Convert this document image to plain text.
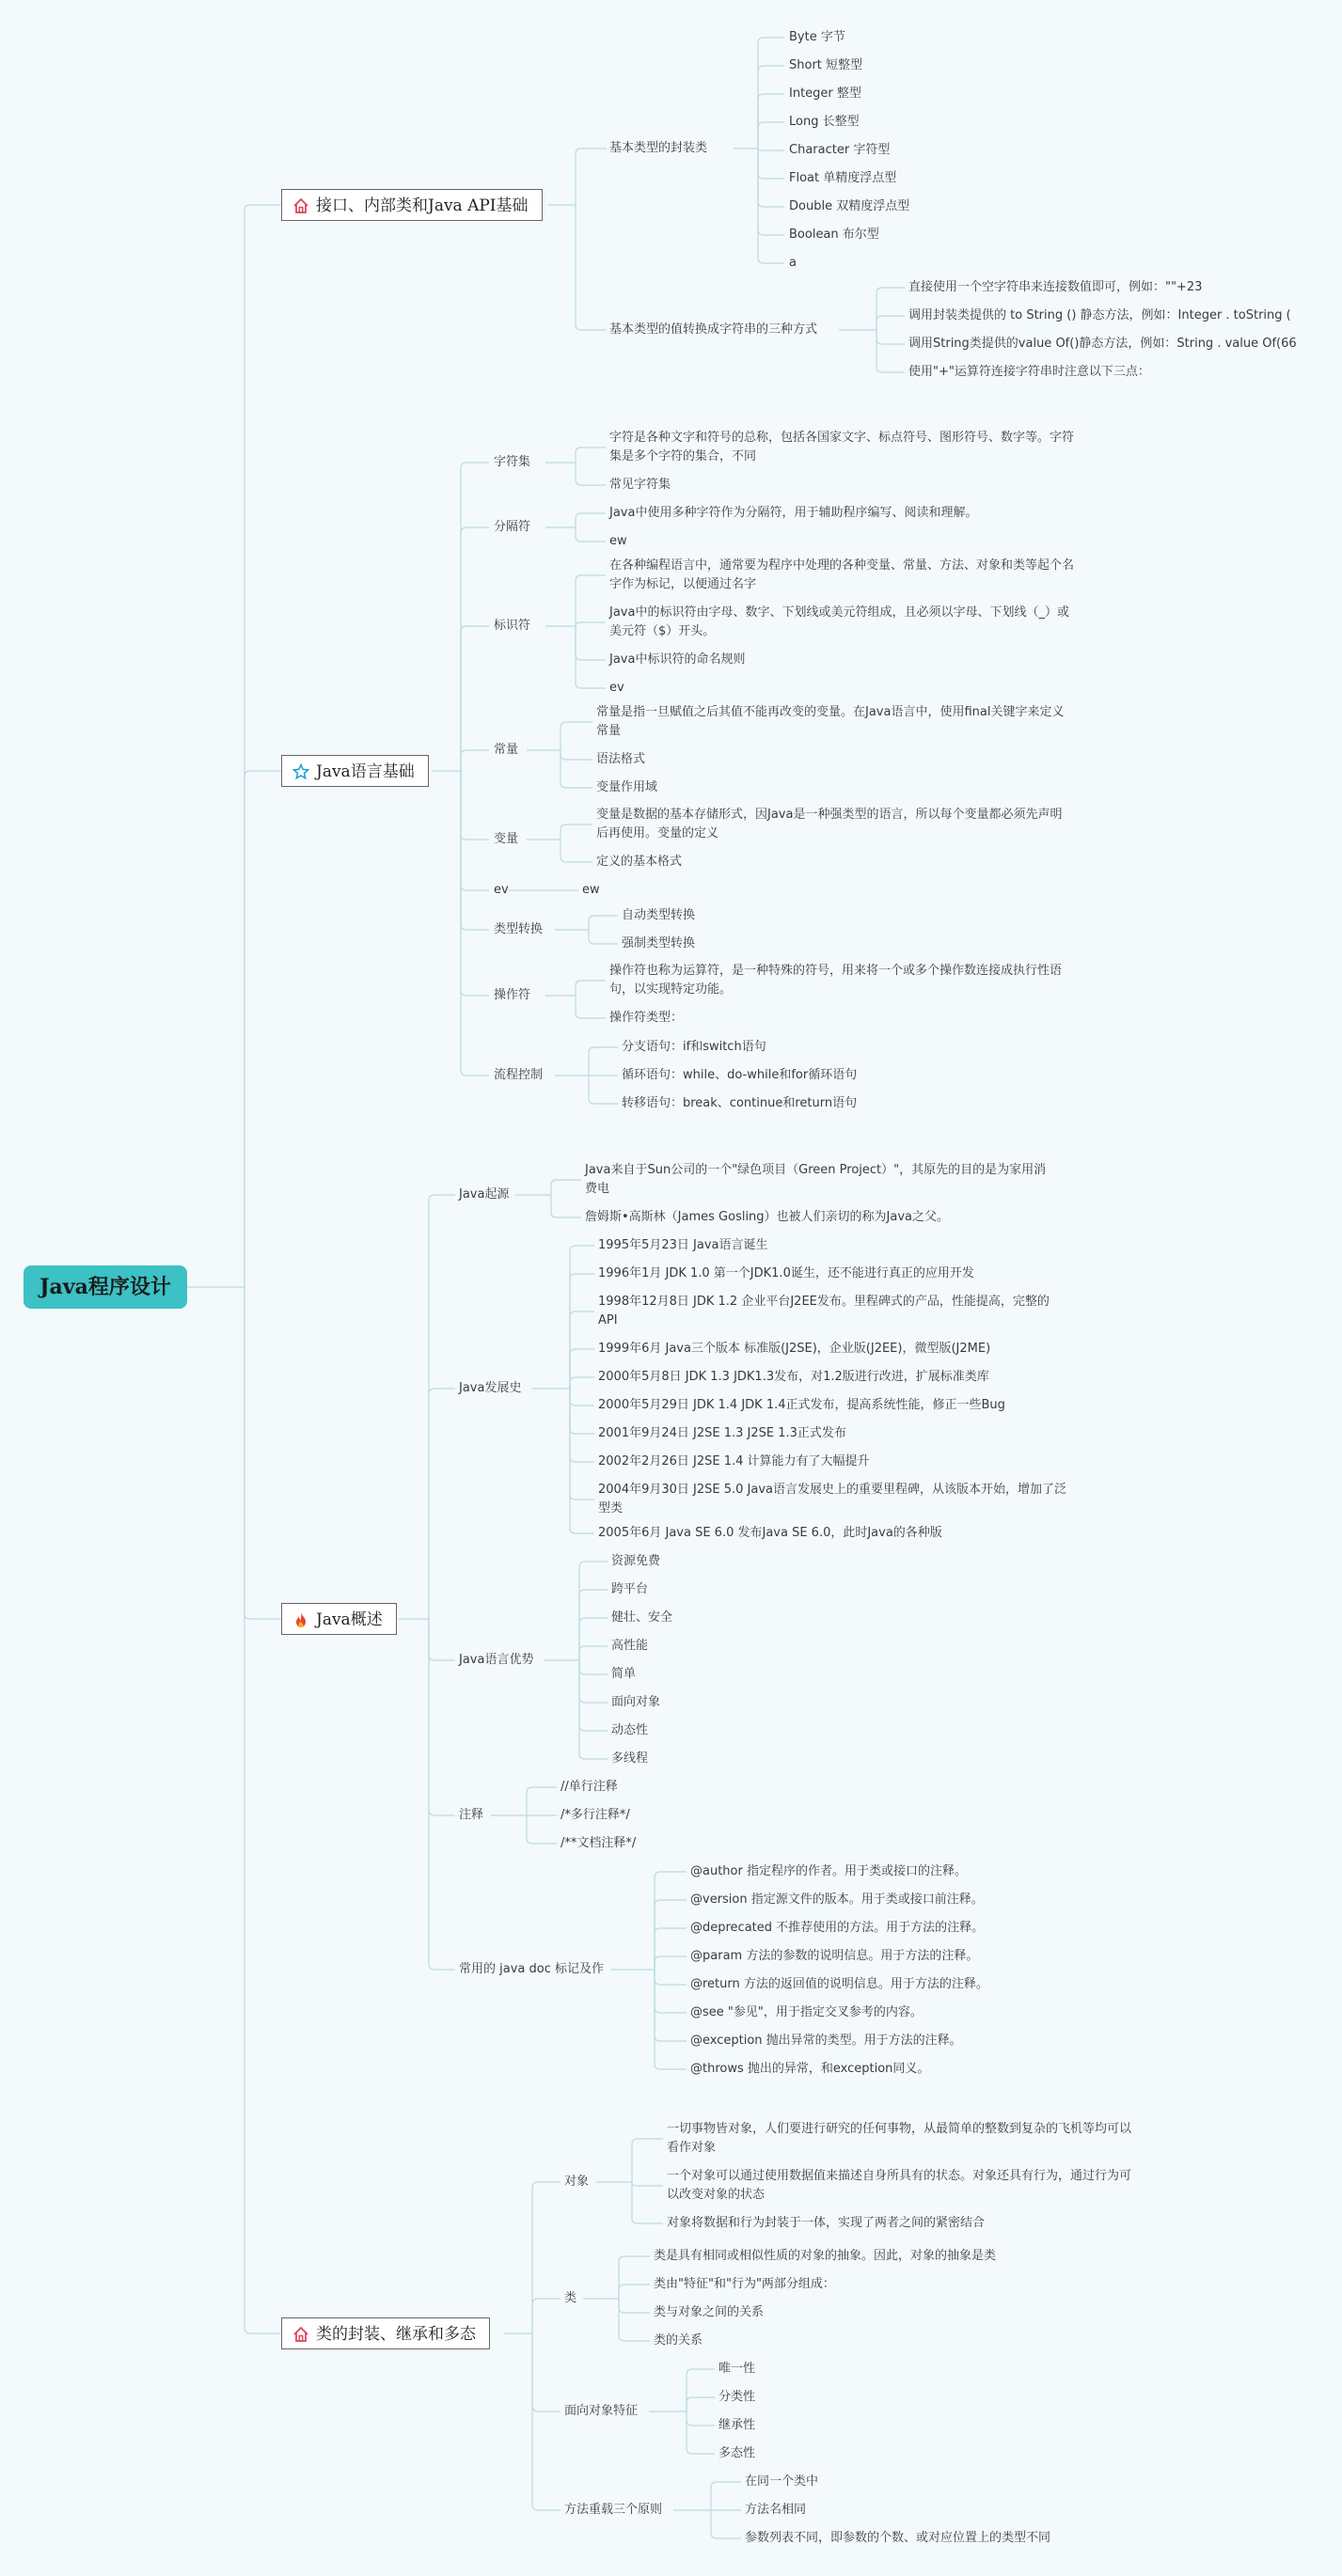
Java程序设计
接口、内部类和Java API基础
Java语言基础
Java概述
类的封装、继承和多态
基本类型的封装类
Byte 字节
Short 短整型
Integer 整型
Long 长整型
Character 字符型
Float 单精度浮点型
Double 双精度浮点型
Boolean 布尔型
a
基本类型的值转换成字符串的三种方式
直接使用一个空字符串来连接数值即可，例如：""+23
调用封装类提供的 to String () 静态方法，例如：Integer . toString (
调用String类提供的value Of()静态方法，例如：String . value Of(66
使用"+"运算符连接字符串时注意以下三点：
字符集
字符是各种文字和符号的总称，包括各国家文字、标点符号、图形符号、数字等。字符集是多个字符的集合，不同
常见字符集
分隔符
Java中使用多种字符作为分隔符，用于辅助程序编写、阅读和理解。
ew
标识符
在各种编程语言中，通常要为程序中处理的各种变量、常量、方法、对象和类等起个名字作为标记，以便通过名字
Java中的标识符由字母、数字、下划线或美元符组成，且必须以字母、下划线（_）或美元符（$）开头。
Java中标识符的命名规则
ev
常量
常量是指一旦赋值之后其值不能再改变的变量。在Java语言中，使用final关键字来定义常量
语法格式
变量作用域
变量
变量是数据的基本存储形式，因Java是一种强类型的语言，所以每个变量都必须先声明后再使用。变量的定义
定义的基本格式
ev	ew
类型转换
自动类型转换
强制类型转换
操作符
操作符也称为运算符，是一种特殊的符号，用来将一个或多个操作数连接成执行性语句，以实现特定功能。
操作符类型：
流程控制
分支语句：if和switch语句
循环语句：while、do-while和for循环语句
转移语句：break、continue和return语句
Java起源
Java来自于Sun公司的一个"绿色项目（Green Project）"，其原先的目的是为家用消费电
詹姆斯•高斯林（James Gosling）也被人们亲切的称为Java之父。
Java发展史
1995年5月23日 Java语言诞生
1996年1月 JDK 1.0 第一个JDK1.0诞生，还不能进行真正的应用开发
1998年12月8日 JDK 1.2 企业平台J2EE发布。里程碑式的产品，性能提高，完整的API
1999年6月 Java三个版本 标准版(J2SE)，企业版(J2EE)，微型版(J2ME)
2000年5月8日 JDK 1.3 JDK1.3发布，对1.2版进行改进，扩展标准类库
2000年5月29日 JDK 1.4 JDK 1.4正式发布，提高系统性能，修正一些Bug
2001年9月24日 J2SE 1.3 J2SE 1.3正式发布
2002年2月26日 J2SE 1.4 计算能力有了大幅提升
2004年9月30日 J2SE 5.0 Java语言发展史上的重要里程碑，从该版本开始，增加了泛型类
2005年6月 Java SE 6.0 发布Java SE 6.0，此时Java的各种版
Java语言优势
资源免费
跨平台
健壮、安全
高性能
简单
面向对象
动态性
多线程
注释
//单行注释
/*多行注释*/
/**文档注释*/
常用的 java doc 标记及作
@author 指定程序的作者。用于类或接口的注释。
@version 指定源文件的版本。用于类或接口前注释。
@deprecated 不推荐使用的方法。用于方法的注释。
@param 方法的参数的说明信息。用于方法的注释。
@return 方法的返回值的说明信息。用于方法的注释。
@see "参见"，用于指定交叉参考的内容。
@exception 抛出异常的类型。用于方法的注释。
@throws 抛出的异常，和exception同义。
对象
一切事物皆对象，人们要进行研究的任何事物，从最简单的整数到复杂的飞机等均可以看作对象
一个对象可以通过使用数据值来描述自身所具有的状态。对象还具有行为，通过行为可以改变对象的状态
对象将数据和行为封装于一体，实现了两者之间的紧密结合
类
类是具有相同或相似性质的对象的抽象。因此，对象的抽象是类
类由"特征"和"行为"两部分组成：
类与对象之间的关系
类的关系
面向对象特征
唯一性
分类性
继承性
多态性
方法重载三个原则
在同一个类中
方法名相同
参数列表不同，即参数的个数、或对应位置上的类型不同
